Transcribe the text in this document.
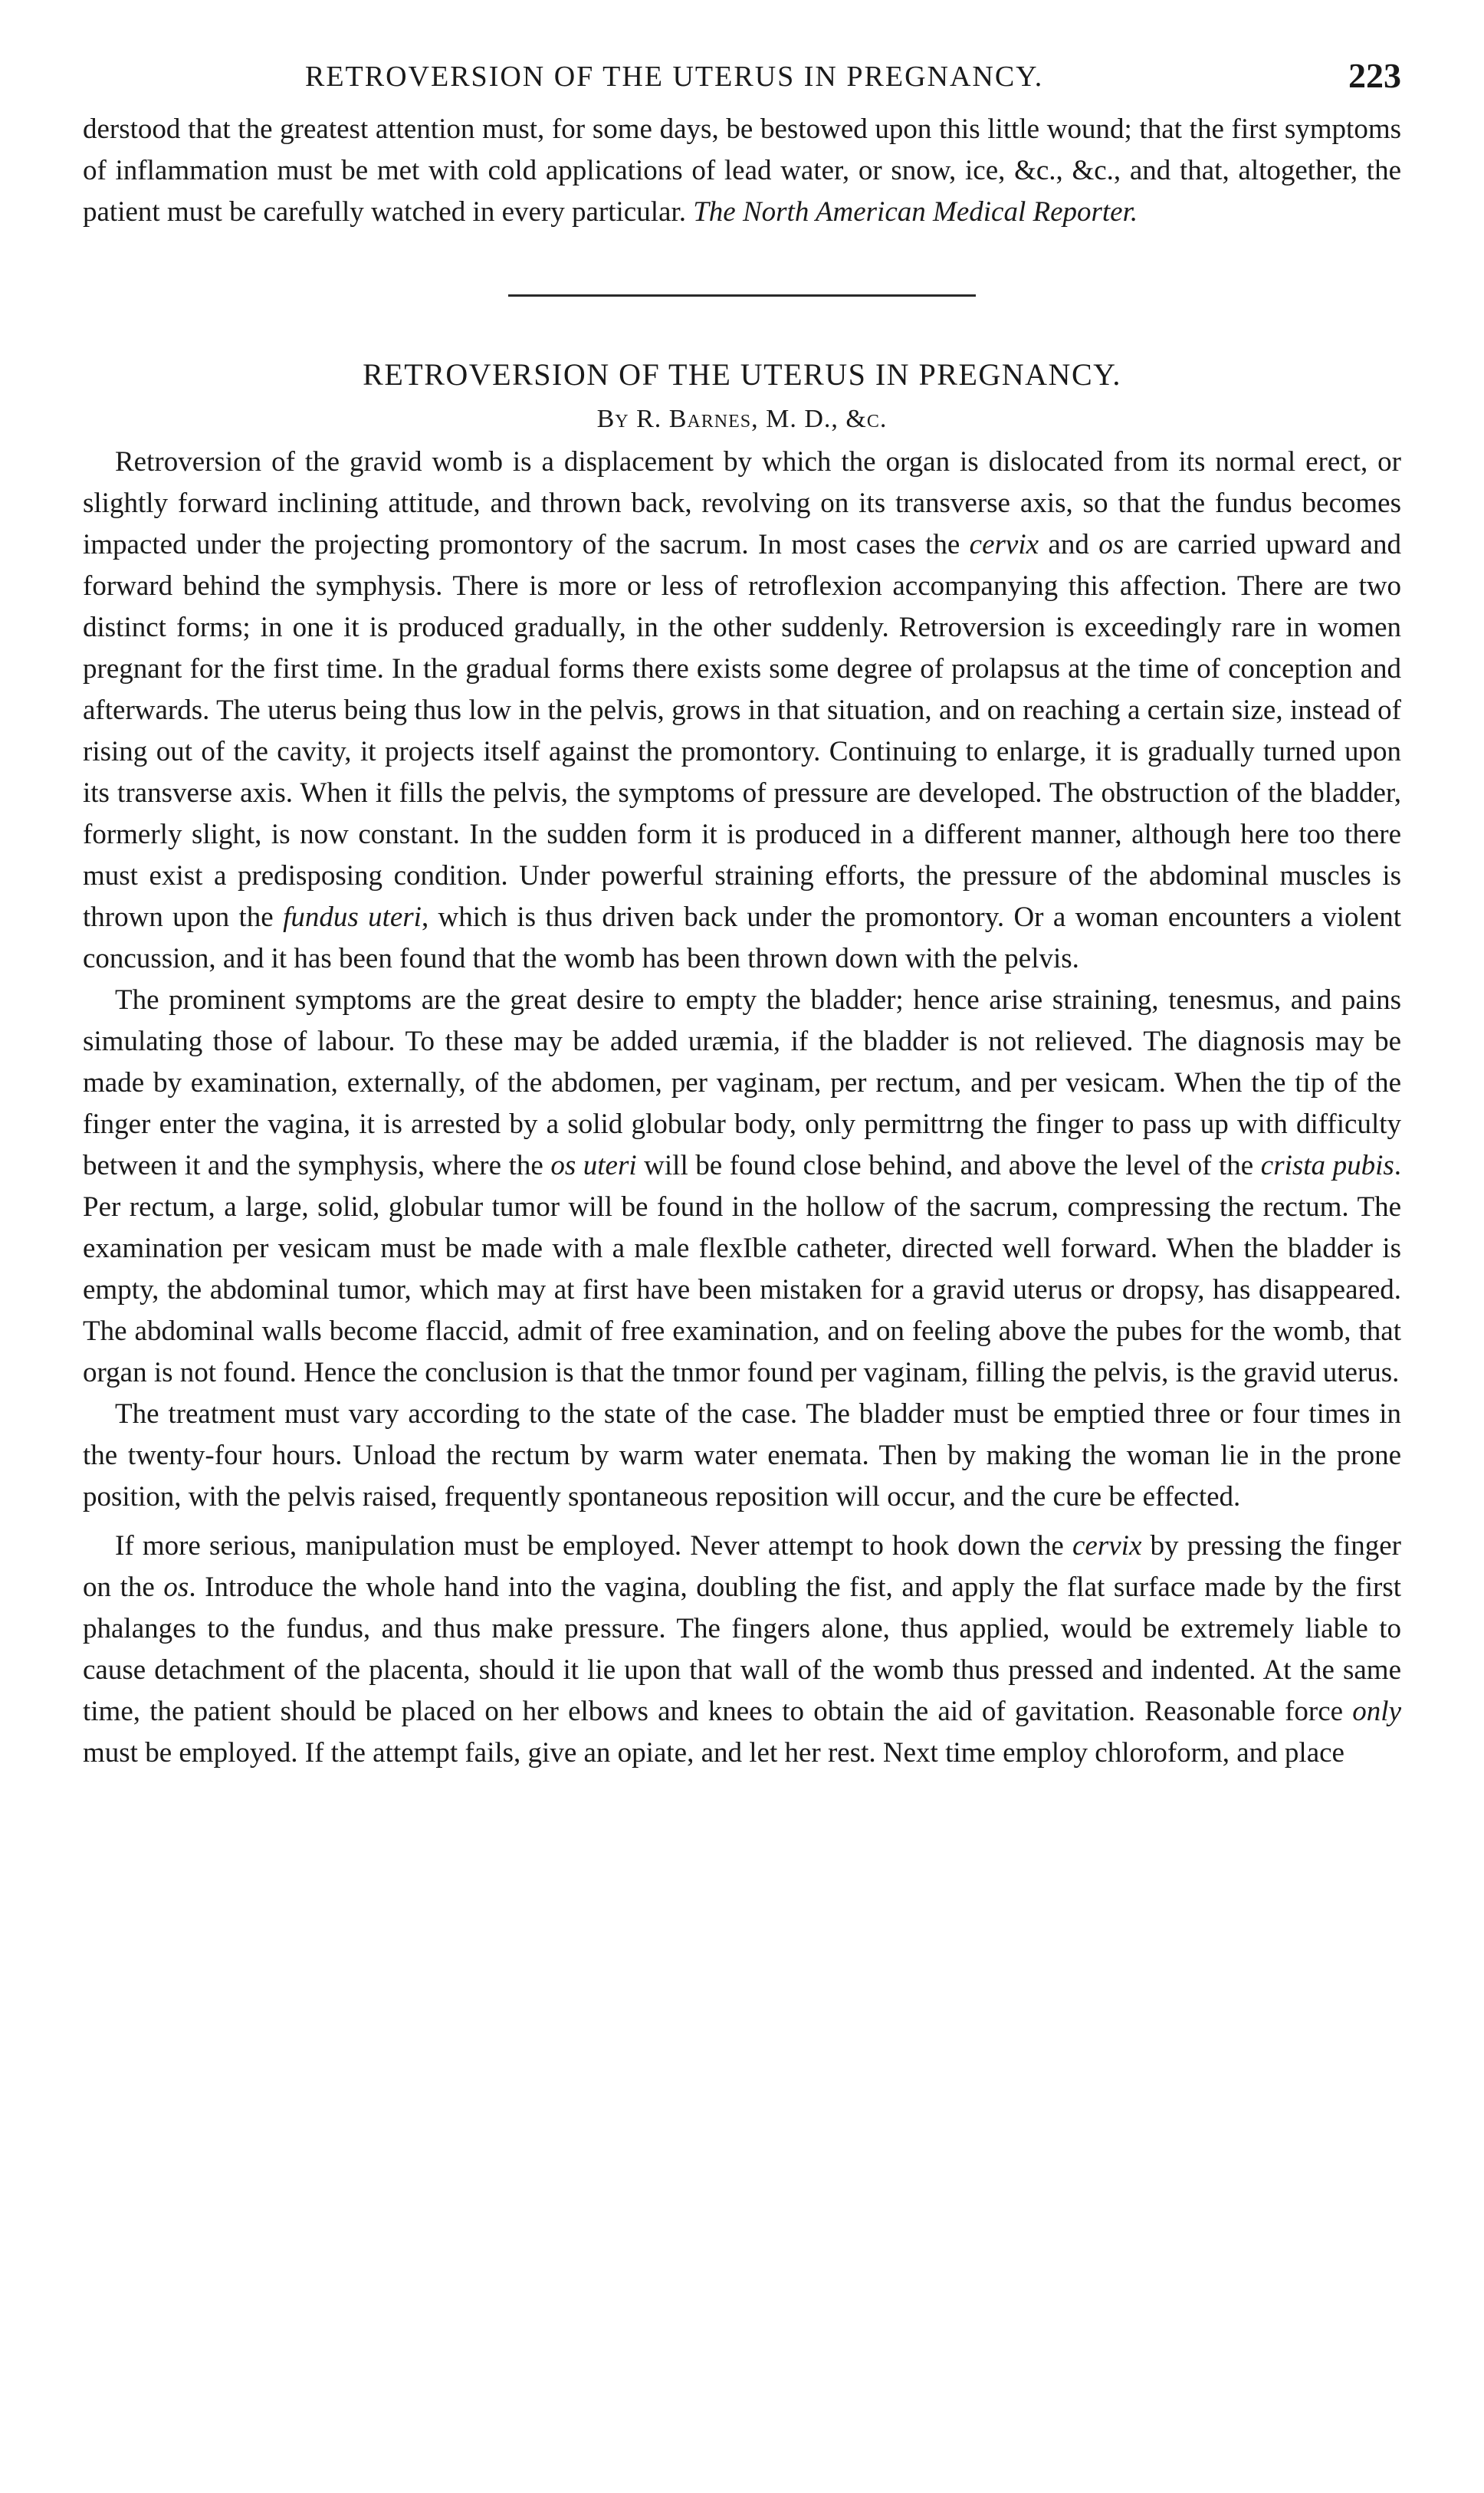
RETROVERSION OF THE UTERUS IN PREGNANCY.	223

derstood that the greatest attention must, for some days, be bestowed upon this little wound; that the first symptoms of inflammation must be met with cold applications of lead water, or snow, ice, &c., &c., and that, altogether, the patient must be carefully watched in every particular. The North American Medical Reporter.

RETROVERSION OF THE UTERUS IN PREGNANCY.
By R. Barnes, M. D., &c.

Retroversion of the gravid womb is a displacement by which the organ is dislocated from its normal erect, or slightly forward inclining attitude, and thrown back, revolving on its transverse axis, so that the fundus becomes impacted under the projecting promontory of the sacrum. In most cases the cervix and os are carried upward and forward behind the symphysis. There is more or less of retroflexion accompanying this affection. There are two distinct forms; in one it is produced gradually, in the other suddenly. Retroversion is exceedingly rare in women pregnant for the first time. In the gradual forms there exists some degree of prolapsus at the time of conception and afterwards. The uterus being thus low in the pelvis, grows in that situation, and on reaching a certain size, instead of rising out of the cavity, it projects itself against the promontory. Continuing to enlarge, it is gradually turned upon its transverse axis. When it fills the pelvis, the symptoms of pressure are developed. The obstruction of the bladder, formerly slight, is now constant. In the sudden form it is produced in a different manner, although here too there must exist a predisposing condition. Under powerful straining efforts, the pressure of the abdominal muscles is thrown upon the fundus uteri, which is thus driven back under the promontory. Or a woman encounters a violent concussion, and it has been found that the womb has been thrown down with the pelvis.

The prominent symptoms are the great desire to empty the bladder; hence arise straining, tenesmus, and pains simulating those of labour. To these may be added uræmia, if the bladder is not relieved. The diagnosis may be made by examination, externally, of the abdomen, per vaginam, per rectum, and per vesicam. When the tip of the finger enter the vagina, it is arrested by a solid globular body, only permittrng the finger to pass up with difficulty between it and the symphysis, where the os uteri will be found close behind, and above the level of the crista pubis. Per rectum, a large, solid, globular tumor will be found in the hollow of the sacrum, compressing the rectum. The examination per vesicam must be made with a male flexIble catheter, directed well forward. When the bladder is empty, the abdominal tumor, which may at first have been mistaken for a gravid uterus or dropsy, has disappeared. The abdominal walls become flaccid, admit of free examination, and on feeling above the pubes for the womb, that organ is not found. Hence the conclusion is that the tnmor found per vaginam, filling the pelvis, is the gravid uterus.

The treatment must vary according to the state of the case. The bladder must be emptied three or four times in the twenty-four hours. Unload the rectum by warm water enemata. Then by making the woman lie in the prone position, with the pelvis raised, frequently spontaneous reposition will occur, and the cure be effected.

If more serious, manipulation must be employed. Never attempt to hook down the cervix by pressing the finger on the os. Introduce the whole hand into the vagina, doubling the fist, and apply the flat surface made by the first phalanges to the fundus, and thus make pressure. The fingers alone, thus applied, would be extremely liable to cause detachment of the placenta, should it lie upon that wall of the womb thus pressed and indented. At the same time, the patient should be placed on her elbows and knees to obtain the aid of gavitation. Reasonable force only must be employed. If the attempt fails, give an opiate, and let her rest. Next time employ chloroform, and place
